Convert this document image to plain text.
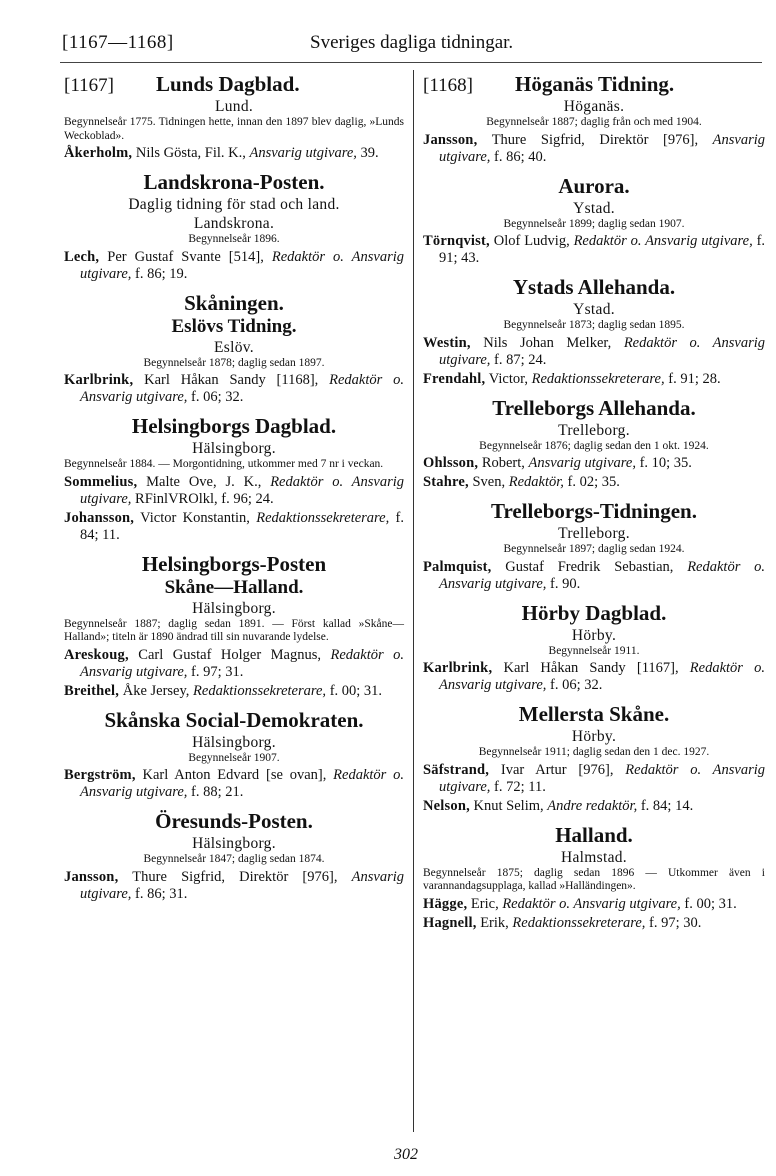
[1167—1168]	Sveriges dagliga tidningar.
[1167]	Lunds Dagblad.
Lund.
Begynnelseår 1775. Tidningen hette, innan den 1897 blev daglig, »Lunds Weckoblad».
Åkerholm, Nils Gösta, Fil. K., Ansvarig utgivare, 39.
Landskrona-Posten.
Daglig tidning för stad och land.
Landskrona.
Begynnelseår 1896.
Lech, Per Gustaf Svante [514], Redaktör o. Ansvarig utgivare, f. 86; 19.
Skåningen.
Eslövs Tidning.
Eslöv.
Begynnelseår 1878; daglig sedan 1897.
Karlbrink, Karl Håkan Sandy [1168], Redaktör o. Ansvarig utgivare, f. 06; 32.
Helsingborgs Dagblad.
Hälsingborg.
Begynnelseår 1884. — Morgontidning, utkommer med 7 nr i veckan.
Sommelius, Malte Ove, J. K., Redaktör o. Ansvarig utgivare, RFinlVROlkl, f. 96; 24.
Johansson, Victor Konstantin, Redaktionssekreterare, f. 84; 11.
Helsingborgs-Posten
Skåne—Halland.
Hälsingborg.
Begynnelseår 1887; daglig sedan 1891. — Först kallad »Skåne—Halland»; titeln är 1890 ändrad till sin nuvarande lydelse.
Areskoug, Carl Gustaf Holger Magnus, Redaktör o. Ansvarig utgivare, f. 97; 31.
Breithel, Åke Jersey, Redaktionssekreterare, f. 00; 31.
Skånska Social-Demokraten.
Hälsingborg.
Begynnelseår 1907.
Bergström, Karl Anton Edvard [se ovan], Redaktör o. Ansvarig utgivare, f. 88; 21.
Öresunds-Posten.
Hälsingborg.
Begynnelseår 1847; daglig sedan 1874.
Jansson, Thure Sigfrid, Direktör [976], Ansvarig utgivare, f. 86; 31.
[1168]	Höganäs Tidning.
Höganäs.
Begynnelseår 1887; daglig från och med 1904.
Jansson, Thure Sigfrid, Direktör [976], Ansvarig utgivare, f. 86; 40.
Aurora.
Ystad.
Begynnelseår 1899; daglig sedan 1907.
Törnqvist, Olof Ludvig, Redaktör o. Ansvarig utgivare, f. 91; 43.
Ystads Allehanda.
Ystad.
Begynnelseår 1873; daglig sedan 1895.
Westin, Nils Johan Melker, Redaktör o. Ansvarig utgivare, f. 87; 24.
Frendahl, Victor, Redaktionssekreterare, f. 91; 28.
Trelleborgs Allehanda.
Trelleborg.
Begynnelseår 1876; daglig sedan den 1 okt. 1924.
Ohlsson, Robert, Ansvarig utgivare, f. 10; 35.
Stahre, Sven, Redaktör, f. 02; 35.
Trelleborgs-Tidningen.
Trelleborg.
Begynnelseår 1897; daglig sedan 1924.
Palmquist, Gustaf Fredrik Sebastian, Redaktör o. Ansvarig utgivare, f. 90.
Hörby Dagblad.
Hörby.
Begynnelseår 1911.
Karlbrink, Karl Håkan Sandy [1167], Redaktör o. Ansvarig utgivare, f. 06; 32.
Mellersta Skåne.
Hörby.
Begynnelseår 1911; daglig sedan den 1 dec. 1927.
Säfstrand, Ivar Artur [976], Redaktör o. Ansvarig utgivare, f. 72; 11.
Nelson, Knut Selim, Andre redaktör, f. 84; 14.
Halland.
Halmstad.
Begynnelseår 1875; daglig sedan 1896 — Utkommer även i varannandagsupplaga, kallad »Halländingen».
Hägge, Eric, Redaktör o. Ansvarig utgivare, f. 00; 31.
Hagnell, Erik, Redaktionssekreterare, f. 97; 30.
302
